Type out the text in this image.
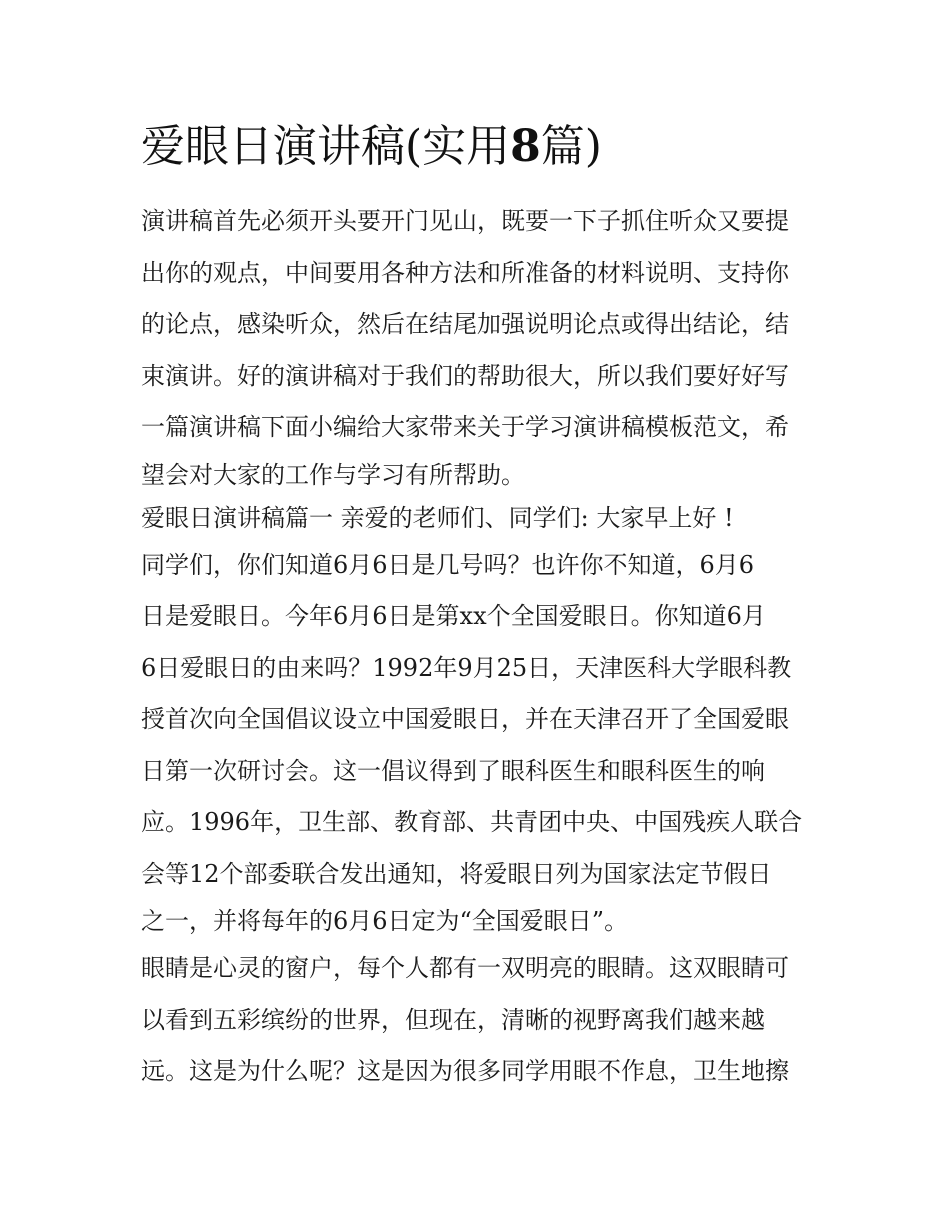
爱眼日演讲稿(实用8篇)
演讲稿首先必须开头要开门见山，既要一下子抓住听众又要提
出你的观点，中间要用各种方法和所准备的材料说明、支持你
的论点，感染听众，然后在结尾加强说明论点或得出结论，结
束演讲。好的演讲稿对于我们的帮助很大，所以我们要好好写
一篇演讲稿下面小编给大家带来关于学习演讲稿模板范文，希
望会对大家的工作与学习有所帮助。
爱眼日演讲稿篇一 亲爱的老师们、同学们: 大家早上好 !
同学们，你们知道6月6日是几号吗？也许你不知道，6月6
日是爱眼日。今年6月6日是第xx个全国爱眼日。你知道6月
6日爱眼日的由来吗？1992年9月25日，天津医科大学眼科教
授首次向全国倡议设立中国爱眼日，并在天津召开了全国爱眼
日第一次研讨会。这一倡议得到了眼科医生和眼科医生的响
应。1996年，卫生部、教育部、共青团中央、中国残疾人联合
会等12个部委联合发出通知，将爱眼日列为国家法定节假日
之一，并将每年的6月6日定为“全国爱眼日”。
眼睛是心灵的窗户，每个人都有一双明亮的眼睛。这双眼睛可
以看到五彩缤纷的世界，但现在，清晰的视野离我们越来越
远。这是为什么呢？这是因为很多同学用眼不作息，卫生地擦
